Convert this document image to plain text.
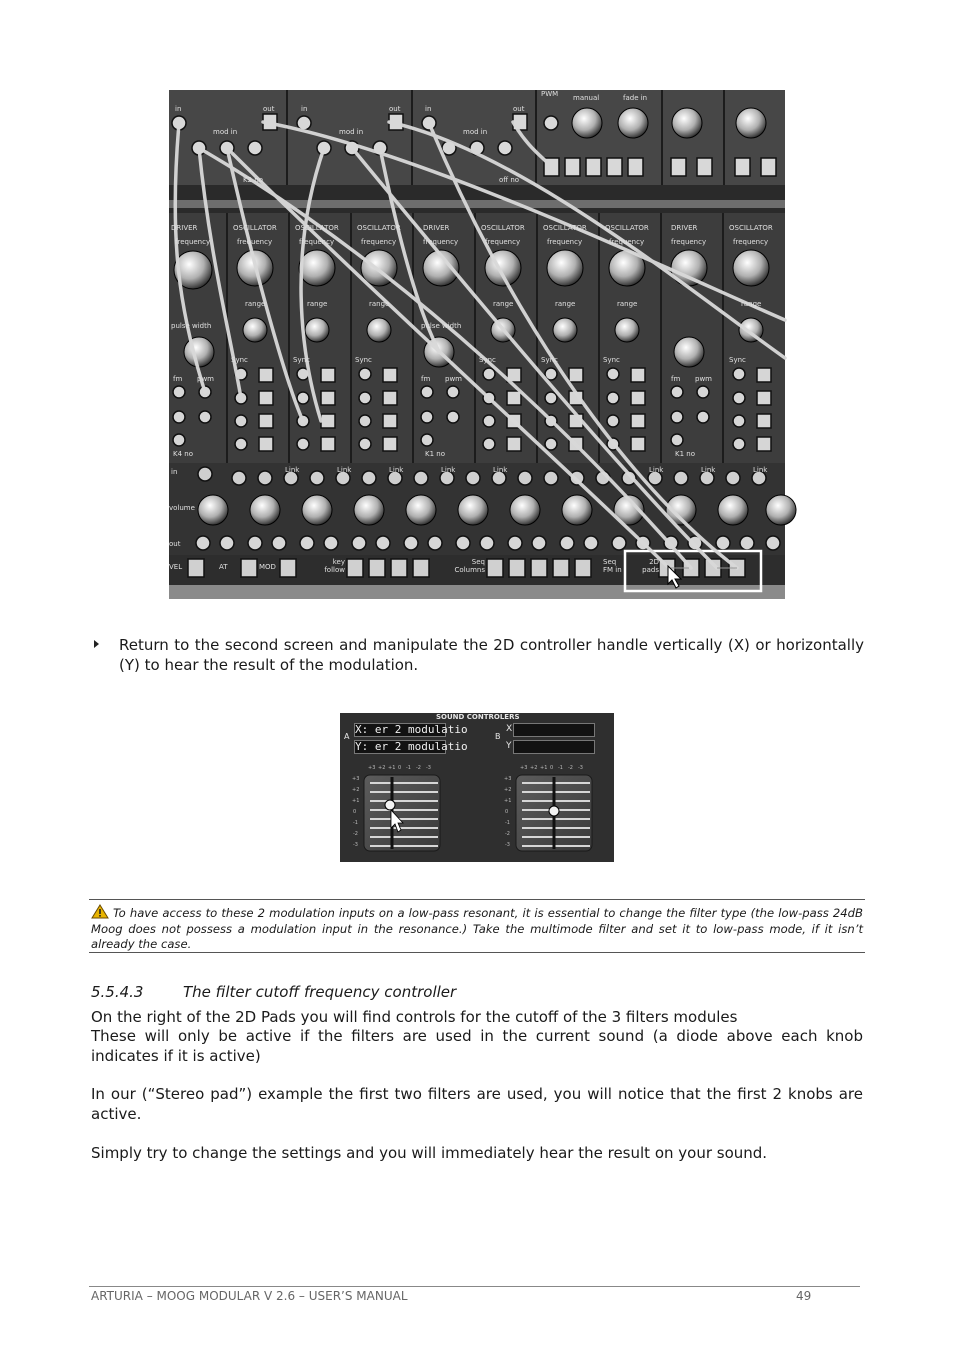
in	out
mod in
in	out
mod in
in	out
mod in
PWM manual	fade in
DRIVER	OSCILLATOR	OSCILLATOR	OSCILLATOR	DRIVER	OSCILLATOR	OSCILLATOR	OSCILLATOR	DRIVER	OSCILLATOR
frequency	frequency	frequency	frequency	frequency	frequency	frequency	frequency	frequency	frequency
range	range	range	range	range	range	range
pulse width	pulse width
Sync	Sync	Sync	Sync	Sync	Sync	Sync
fm pwm	fm pwm	fm pwm
K4 no	K1 no	K1 no
K2 no	off no
in	Link	Link	Link	Link	Link	Link	Link	Link
volume
out
VEL	AT	MOD
key follow
Seq Columns
Seq FM in
2D pads
Return to the second screen and manipulate the 2D controller handle vertically (X) or horizontally (Y) to hear the result of the modulation.
SOUND CONTROLERS
A
X: er 2 modulatio
Y: er 2 modulatio
B
X
Y
+3 +2 +1 0 -1 -2 -3
+3
+2
+1
0
-1
-2
-3
+3 +2 +1 0 -1 -2 -3
+3
+2
+1
0
-1
-2
-3
To have access to these 2 modulation inputs on a low-pass resonant, it is essential to change the filter type (the low-pass 24dB Moog does not possess a modulation input in the resonance.) Take the multimode filter and set it to low-pass mode, if it isn’t already the case.
5.5.4.3	The filter cutoff frequency controller
On the right of the 2D Pads you will find controls for the cutoff of the 3 filters modules
These will only be active if the filters are used in the current sound (a diode above each knob indicates if it is active)
In our (“Stereo pad”) example the first two filters are used, you will notice that the first 2 knobs are active.
Simply try to change the settings and you will immediately hear the result on your sound.
ARTURIA – MOOG MODULAR V 2.6 – USER’S MANUAL	49
